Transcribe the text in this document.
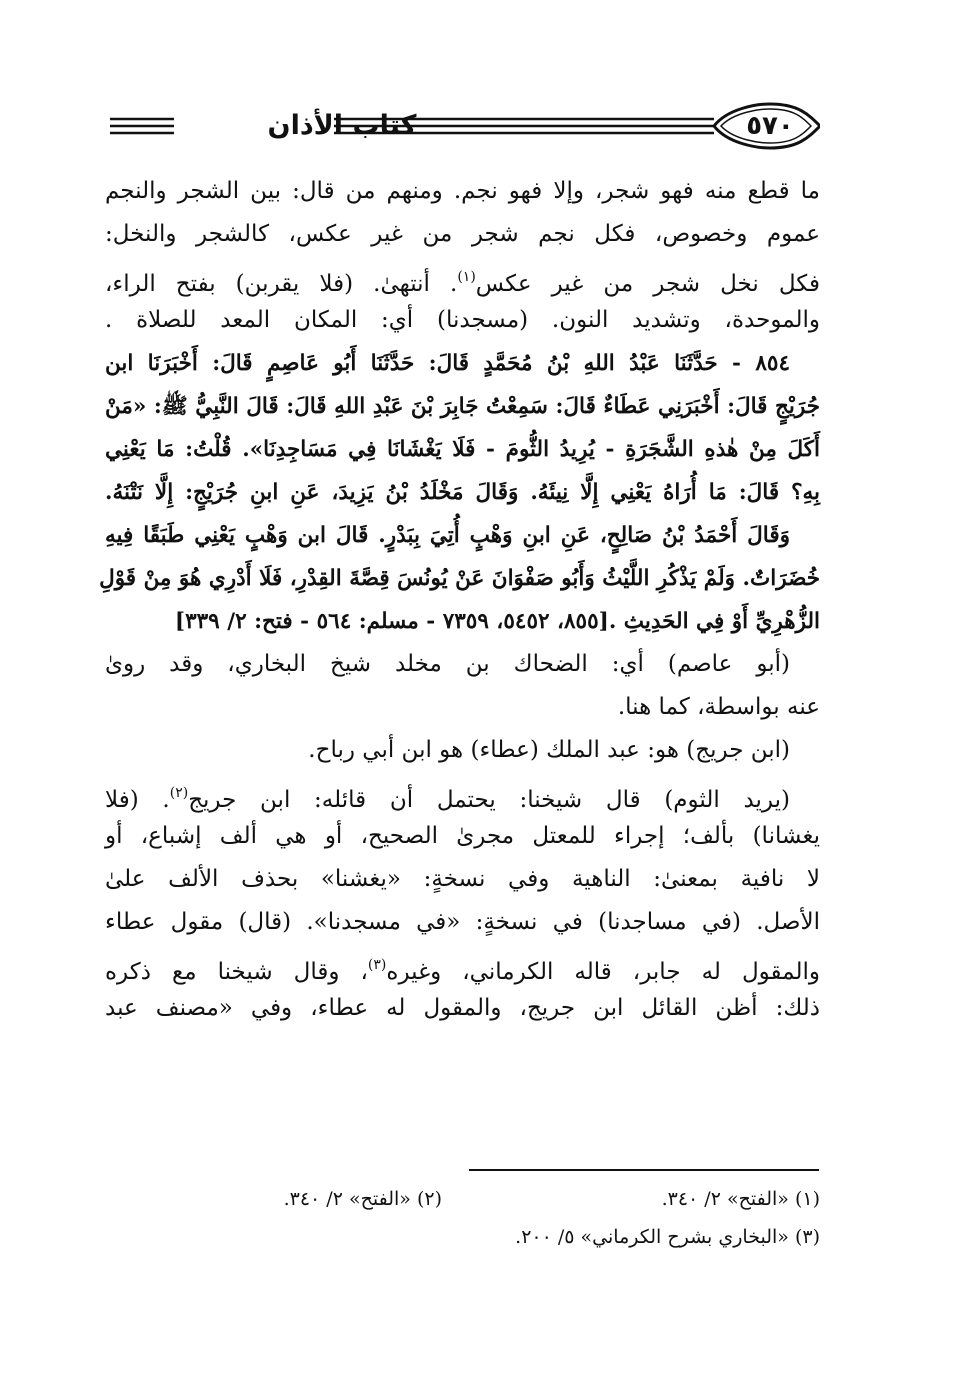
٥٧٠
كتاب الأذان
ما قطع منه فهو شجر، وإلا فهو نجم. ومنهم من قال: بين الشجر والنجم
عموم وخصوص، فكل نجم شجر من غير عكس، كالشجر والنخل:
فكل نخل شجر من غير عكس$^{(١)}$. أنتهىٰ. (فلا يقربن) بفتح الراء،
والموحدة، وتشديد النون. (مسجدنا) أي: المكان المعد للصلاة .
٨٥٤ - حَدَّثَنَا عَبْدُ اللهِ بْنُ مُحَمَّدٍ قَالَ: حَدَّثَنَا أَبُو عَاصِمٍ قَالَ: أَخْبَرَنَا ابن
جُرَيْجٍ قَالَ: أَخْبَرَنِي عَطَاءٌ قَالَ: سَمِعْتُ جَابِرَ بْنَ عَبْدِ اللهِ قَالَ: قَالَ النَّبِيُّ ﷺ: «مَنْ
أَكَلَ مِنْ هٰذهِ الشَّجَرَةِ - يُرِيدُ الثُّومَ - فَلَا يَغْشَانَا فِي مَسَاجِدِنَا». قُلْتُ: مَا يَعْنِي
بِهِ؟ قَالَ: مَا أُرَاهُ يَعْنِي إِلَّا نِيئَهُ. وَقَالَ مَخْلَدُ بْنُ يَزِيدَ، عَنِ ابنِ جُرَيْجٍ: إِلَّا نَتْنَهُ.
وَقَالَ أَحْمَدُ بْنُ صَالِحٍ، عَنِ ابنِ وَهْبٍ أُتِيَ بِبَدْرٍ. قَالَ ابن وَهْبٍ يَعْنِي طَبَقًا فِيهِ
خُضَرَاتٌ. وَلَمْ يَذْكُرِ اللَّيْثُ وَأَبُو صَفْوَانَ عَنْ يُونُسَ قِصَّةَ القِدْرِ، فَلَا أَدْرِي هُوَ مِنْ قَوْلِ
الزُّهْرِيِّ أَوْ فِي الحَدِيثِ .[٨٥٥، ٥٤٥٢، ٧٣٥٩ - مسلم: ٥٦٤ - فتح: ٢/ ٣٣٩]
(أبو عاصم) أي: الضحاك بن مخلد شيخ البخاري، وقد روىٰ
عنه بواسطة، كما هنا.
(ابن جريج) هو: عبد الملك (عطاء) هو ابن أبي رباح.
(يريد الثوم) قال شيخنا: يحتمل أن قائله: ابن جريج$^{(٢)}$. (فلا
يغشانا) بألف؛ إجراء للمعتل مجرىٰ الصحيح، أو هي ألف إشباع، أو
لا نافية بمعنىٰ: الناهية وفي نسخةٍ: «يغشنا» بحذف الألف علىٰ
الأصل. (في مساجدنا) في نسخةٍ: «في مسجدنا». (قال) مقول عطاء
والمقول له جابر، قاله الكرماني، وغيره$^{(٣)}$، وقال شيخنا مع ذكره
ذلك: أظن القائل ابن جريج، والمقول له عطاء، وفي «مصنف عبد
(١) «الفتح» ٢/ ٣٤٠.
(٢) «الفتح» ٢/ ٣٤٠.
(٣) «البخاري بشرح الكرماني» ٥/ ٢٠٠.
